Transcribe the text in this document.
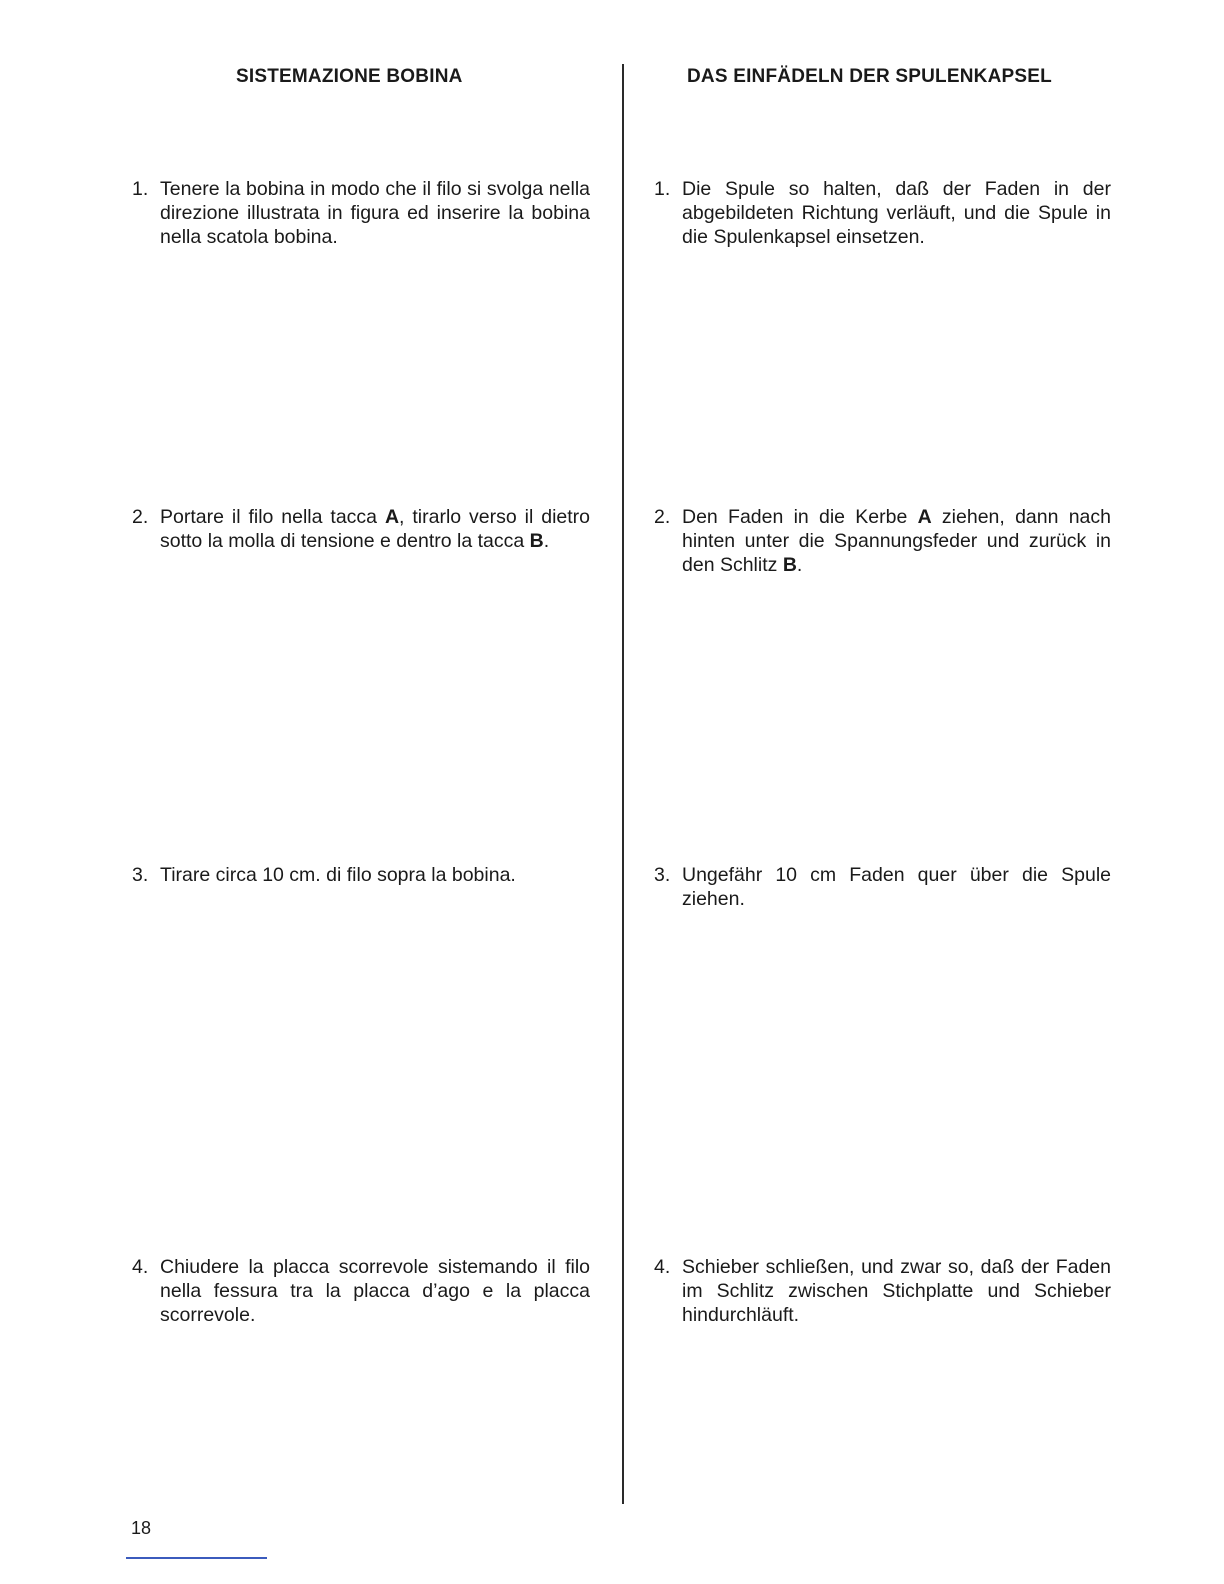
SISTEMAZIONE BOBINA	DAS EINFÄDELN DER SPULENKAPSEL
1. Tenere la bobina in modo che il filo si svolga nella direzione illustrata in figura ed inserire la bobina nella scatola bobina.
2. Portare il filo nella tacca A, tirarlo verso il dietro sotto la molla di tensione e dentro la tacca B.
3. Tirare circa 10 cm. di filo sopra la bobina.
4. Chiudere la placca scorrevole sistemando il filo nella fessura tra la placca d’ago e la placca scorrevole.
1. Die Spule so halten, daß der Faden in der abgebildeten Richtung verläuft, und die Spule in die Spulenkapsel einsetzen.
2. Den Faden in die Kerbe A ziehen, dann nach hinten unter die Spannungsfeder und zurück in den Schlitz B.
3. Ungefähr 10 cm Faden quer über die Spule ziehen.
4. Schieber schließen, und zwar so, daß der Faden im Schlitz zwischen Stichplatte und Schieber hindurchläuft.
18
